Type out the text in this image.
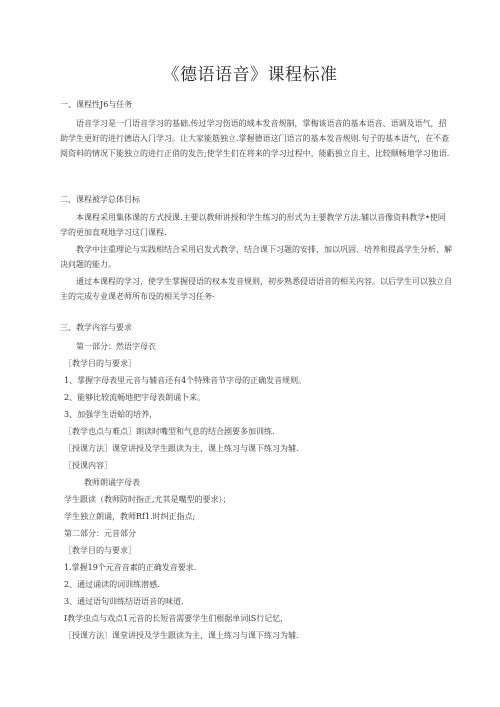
《德语语音》课程标准
一、课程性J6与任务
语音学习是一门语音学习的基础.传过学习伤语的域本发音规制，掌梅该语音的基本语音、语调及语气，招助学生更好的进行德语入门学习。让大家能筋独立.掌握德语这门语言的基本发音规则.句子的基本语气，在不查阅资料的情况下能独立的进行正俏的发告;使学生们在将来的学习过程中，能虧独立自主、比较顺畅地学习他语.
二、课程被学总体目标
本课程采用集体课的方式授课.主要以教师讲授和学生练习的形式为主要教学方法.辅以音像资料教学•使同学的更加直观地学习这门课程.
教学中注重理论与实践相结合采用启发式教学，结合课下习题的安排，加以巩固、培养和提高学生分析、解决问题的能力。
通过本课程的学习，使学生掌握侵语的权本发音规则，初步熟悉侵语语音的相关内容。以后学生可以独立自主的完成专业课老师所布设的相关学习任务-
三、教学内容与要求
第一部分：然语字母衣
［教学目的与要求］
1、掌握字母表里元音与辅音还有4个特殊音节字母的正确发音规则。
2、能够比较流畅地把字母表朗诵卜来。
3、加强学生语蛤的培养，
［教学也点与难点］朗读时嘴型和气息的结合剧要多加训练.
［授课方法］课堂讲授及学生跟读为主，课上练习与课下练习为辅.
［授课内容］
教师朗诵字母表
学生跟读（教师防时指正,尤其是嘴型的要求）；
学生独立朗诵，教师Rf1.时纠正指点;
第二部分：元音部分
［教学目的与要求］
1.掌握19个元音音素的正确发音要求.
2、通过诵读的词训练潜感.
3、通过语句训练结语语音的味道.
I教学虫点与戏点1元音的长短音需要学生们根据单词iS行记忆,
［授课方法〕课堂讲授及学生跟读为主，课上练习与课下练习为辅.
